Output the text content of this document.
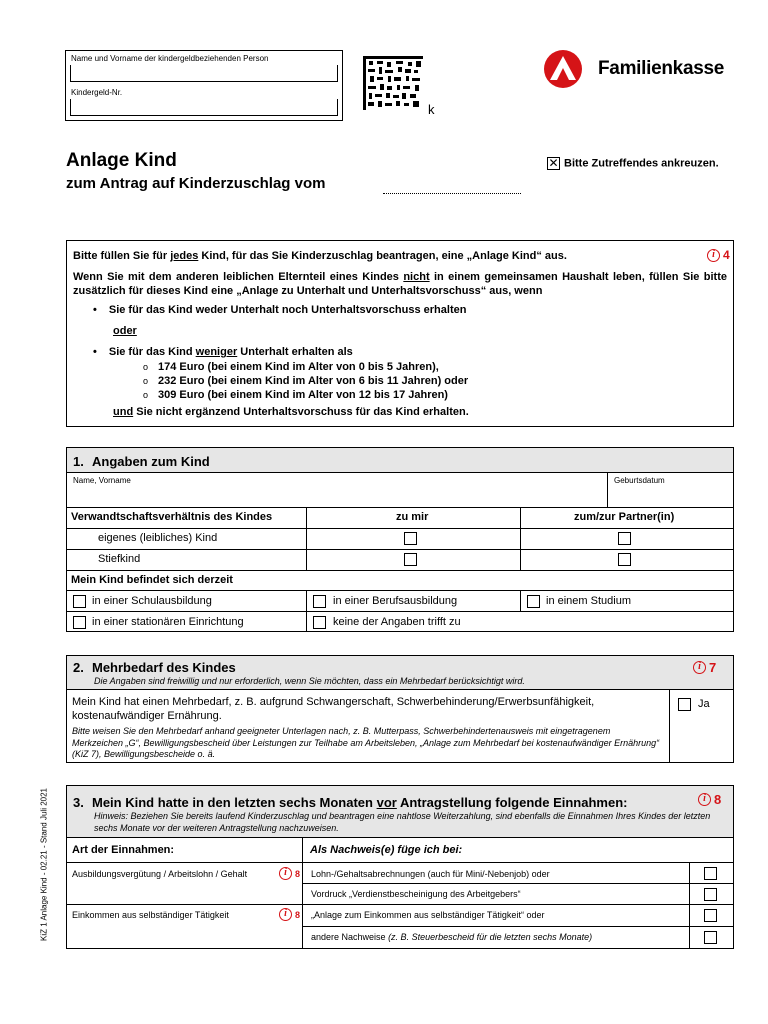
Name und Vorname der kindergeldbeziehenden Person
Kindergeld-Nr.
k
Familienkasse
Anlage Kind
zum Antrag auf Kinderzuschlag vom
✕ Bitte Zutreffendes ankreuzen.
Bitte füllen Sie für jedes Kind, für das Sie Kinderzuschlag beantragen, eine „Anlage Kind“ aus.	i 4
Wenn Sie mit dem anderen leiblichen Elternteil eines Kindes nicht in einem gemeinsamen Haushalt leben, füllen Sie bitte zusätzlich für dieses Kind eine „Anlage zu Unterhalt und Unterhaltsvorschuss“ aus, wenn
• Sie für das Kind weder Unterhalt noch Unterhaltsvorschuss erhalten
oder
• Sie für das Kind weniger Unterhalt erhalten als
o 174 Euro (bei einem Kind im Alter von 0 bis 5 Jahren),
o 232 Euro (bei einem Kind im Alter von 6 bis 11 Jahren) oder
o 309 Euro (bei einem Kind im Alter von 12 bis 17 Jahren)
und Sie nicht ergänzend Unterhaltsvorschuss für das Kind erhalten.
1. Angaben zum Kind
Name, Vorname	Geburtsdatum
Verwandtschaftsverhältnis des Kindes	zu mir	zum/zur Partner(in)
eigenes (leibliches) Kind
Stiefkind
Mein Kind befindet sich derzeit
in einer Schulausbildung	in einer Berufsausbildung	in einem Studium
in einer stationären Einrichtung	keine der Angaben trifft zu
2. Mehrbedarf des Kindes	i 7
Die Angaben sind freiwillig und nur erforderlich, wenn Sie möchten, dass ein Mehrbedarf berücksichtigt wird.
Mein Kind hat einen Mehrbedarf, z. B. aufgrund Schwangerschaft, Schwerbehinderung/Erwerbsunfähigkeit, kostenaufwändiger Ernährung.
Bitte weisen Sie den Mehrbedarf anhand geeigneter Unterlagen nach, z. B. Mutterpass, Schwerbehindertenausweis mit eingetragenem Merkzeichen „G“, Bewilligungsbescheid über Leistungen zur Teilhabe am Arbeitsleben, „Anlage zum Mehrbedarf bei kostenaufwändiger Ernährung“ (KiZ 7), Bewilligungsbescheide o. ä.
Ja
KiZ 1 Anlage Kind - 02.21 - Stand Juli 2021 3. Mein Kind hatte in den letzten sechs Monaten vor Antragstellung folgende Einnahmen:	i 8
Hinweis: Beziehen Sie bereits laufend Kinderzuschlag und beantragen eine nahtlose Weiterzahlung, sind ebenfalls die Einnahmen Ihres Kindes der letzten sechs Monate vor der weiteren Antragstellung nachzuweisen.
Art der Einnahmen:	Als Nachweis(e) füge ich bei:
Ausbildungsvergütung / Arbeitslohn / Gehalt	i 8 Lohn-/Gehaltsabrechnungen (auch für Mini/-Nebenjob) oder
Vordruck „Verdienstbescheinigung des Arbeitgebers“
Einkommen aus selbständiger Tätigkeit	i 8 „Anlage zum Einkommen aus selbständiger Tätigkeit“ oder
andere Nachweise (z. B. Steuerbescheid für die letzten sechs Monate)
